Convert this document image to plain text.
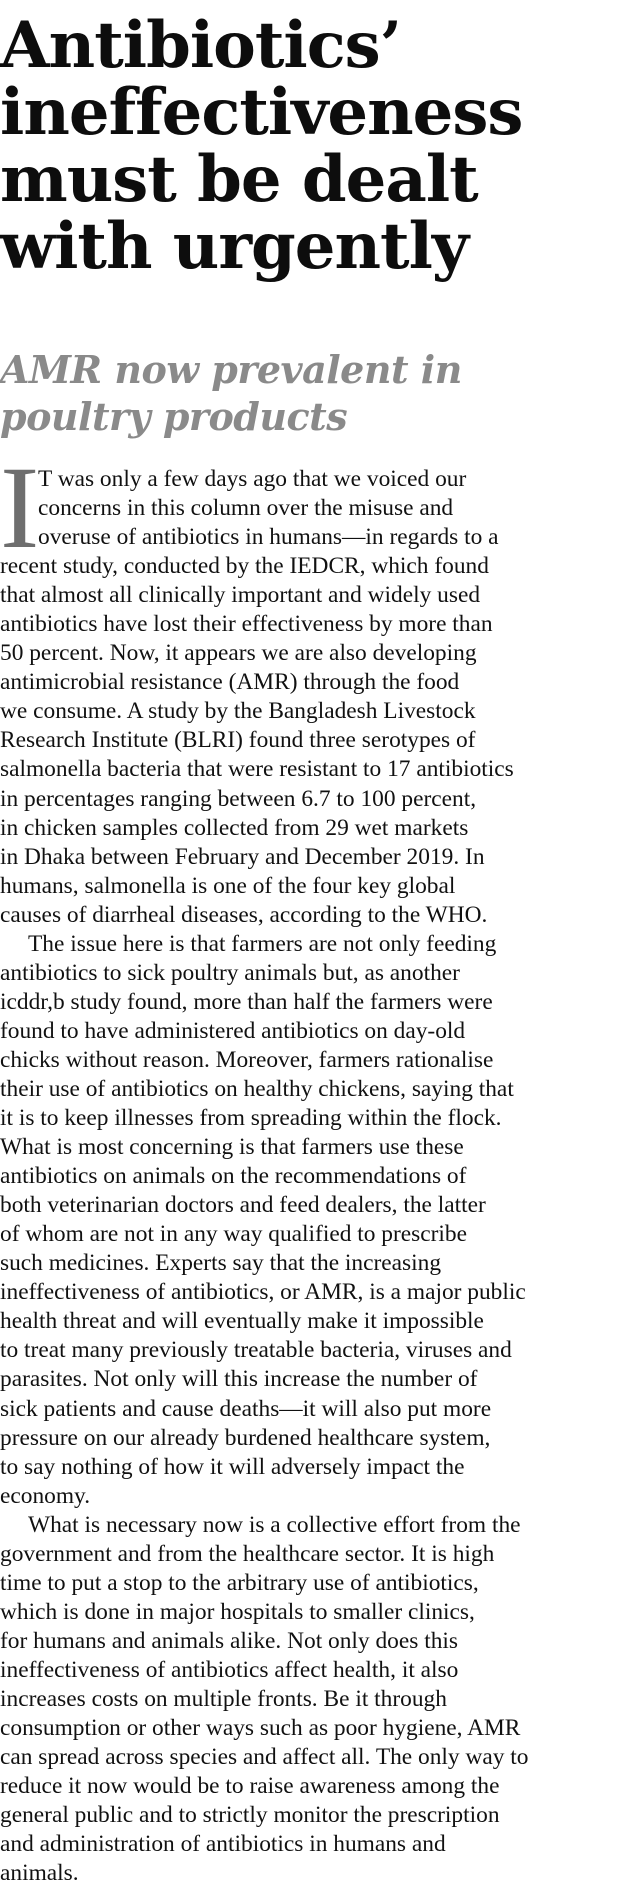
Antibiotics’
ineffectiveness
must be dealt
with urgently
AMR now prevalent in
poultry products
I
T was only a few days ago that we voiced our
concerns in this column over the misuse and
overuse of antibiotics in humans—in regards to a
recent study, conducted by the IEDCR, which found
that almost all clinically important and widely used
antibiotics have lost their effectiveness by more than
50 percent. Now, it appears we are also developing
antimicrobial resistance (AMR) through the food
we consume. A study by the Bangladesh Livestock
Research Institute (BLRI) found three serotypes of
salmonella bacteria that were resistant to 17 antibiotics
in percentages ranging between 6.7 to 100 percent,
in chicken samples collected from 29 wet markets
in Dhaka between February and December 2019. In
humans, salmonella is one of the four key global
causes of diarrheal diseases, according to the WHO.
The issue here is that farmers are not only feeding
antibiotics to sick poultry animals but, as another
icddr,b study found, more than half the farmers were
found to have administered antibiotics on day-old
chicks without reason. Moreover, farmers rationalise
their use of antibiotics on healthy chickens, saying that
it is to keep illnesses from spreading within the flock.
What is most concerning is that farmers use these
antibiotics on animals on the recommendations of
both veterinarian doctors and feed dealers, the latter
of whom are not in any way qualified to prescribe
such medicines. Experts say that the increasing
ineffectiveness of antibiotics, or AMR, is a major public
health threat and will eventually make it impossible
to treat many previously treatable bacteria, viruses and
parasites. Not only will this increase the number of
sick patients and cause deaths—it will also put more
pressure on our already burdened healthcare system,
to say nothing of how it will adversely impact the
economy.
What is necessary now is a collective effort from the
government and from the healthcare sector. It is high
time to put a stop to the arbitrary use of antibiotics,
which is done in major hospitals to smaller clinics,
for humans and animals alike. Not only does this
ineffectiveness of antibiotics affect health, it also
increases costs on multiple fronts. Be it through
consumption or other ways such as poor hygiene, AMR
can spread across species and affect all. The only way to
reduce it now would be to raise awareness among the
general public and to strictly monitor the prescription
and administration of antibiotics in humans and
animals.
